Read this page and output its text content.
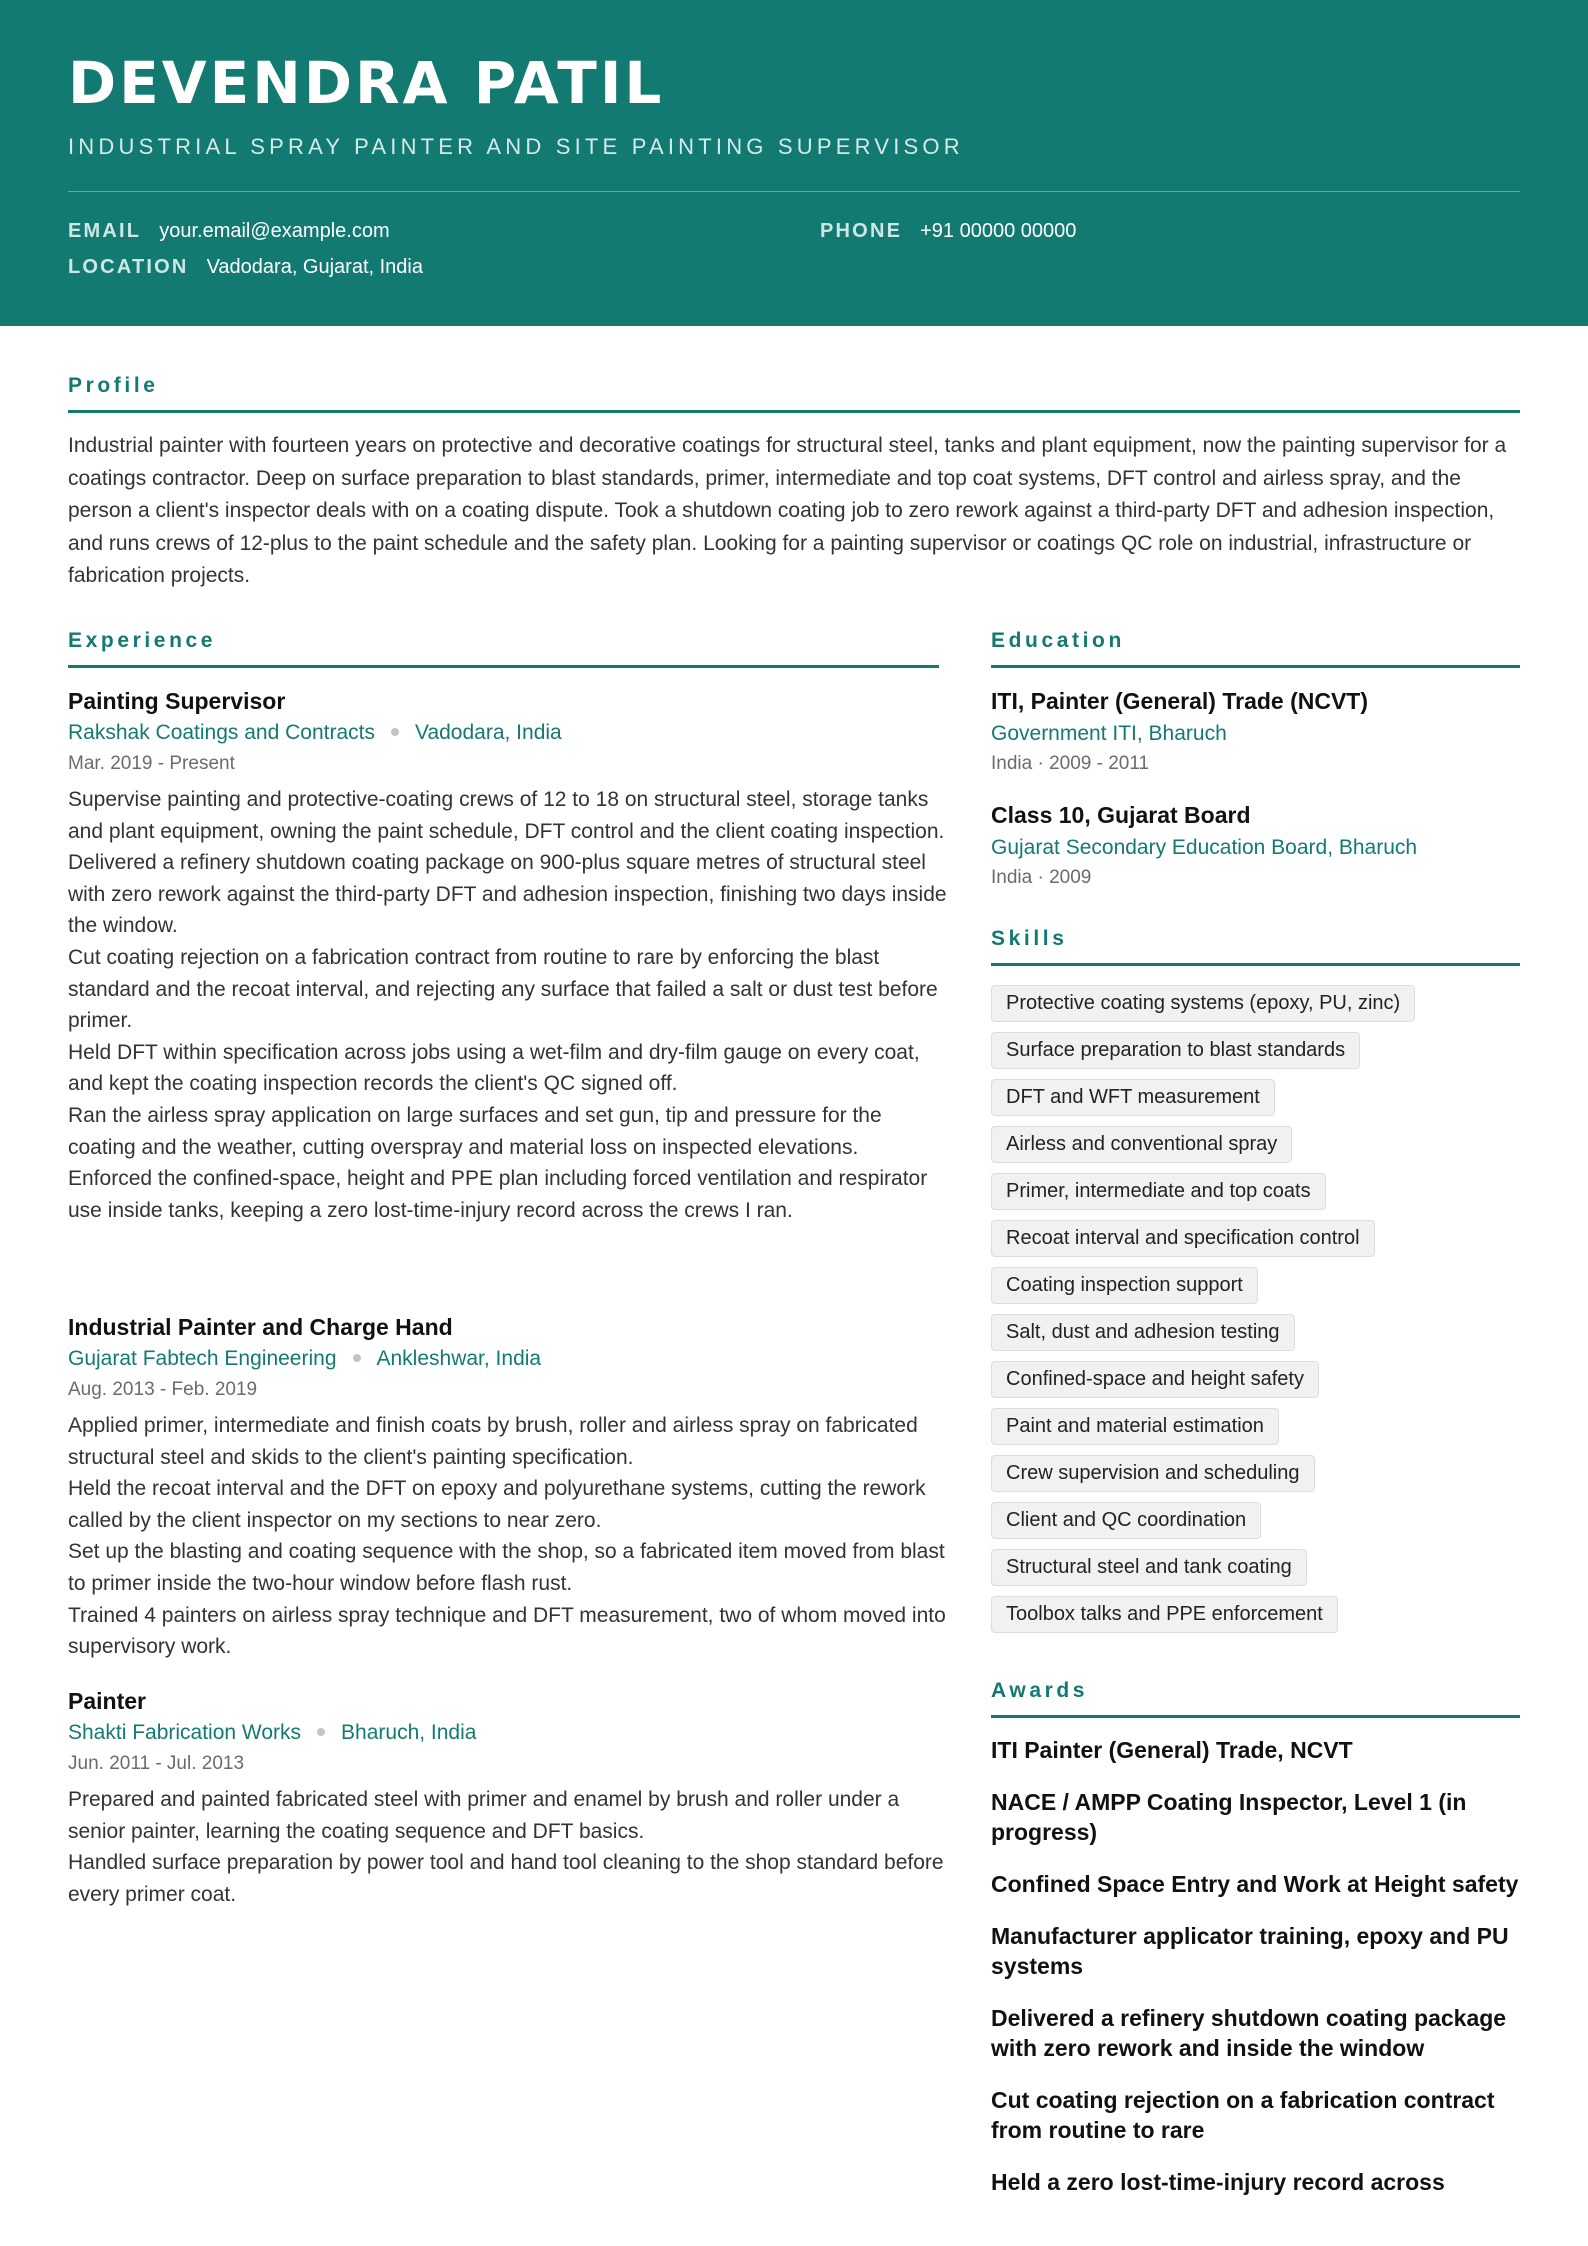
DEVENDRA PATIL
INDUSTRIAL SPRAY PAINTER AND SITE PAINTING SUPERVISOR
EMAIL your.email@example.com	PHONE +91 00000 00000
LOCATION Vadodara, Gujarat, India
Profile
Industrial painter with fourteen years on protective and decorative coatings for structural steel, tanks and plant equipment, now the painting supervisor for a coatings contractor. Deep on surface preparation to blast standards, primer, intermediate and top coat systems, DFT control and airless spray, and the person a client's inspector deals with on a coating dispute. Took a shutdown coating job to zero rework against a third-party DFT and adhesion inspection, and runs crews of 12-plus to the paint schedule and the safety plan. Looking for a painting supervisor or coatings QC role on industrial, infrastructure or fabrication projects.
Experience
Painting Supervisor
Rakshak Coatings and Contracts Vadodara, India
Mar. 2019 - Present
Supervise painting and protective-coating crews of 12 to 18 on structural steel, storage tanks and plant equipment, owning the paint schedule, DFT control and the client coating inspection.
Delivered a refinery shutdown coating package on 900-plus square metres of structural steel with zero rework against the third-party DFT and adhesion inspection, finishing two days inside the window.
Cut coating rejection on a fabrication contract from routine to rare by enforcing the blast standard and the recoat interval, and rejecting any surface that failed a salt or dust test before primer.
Held DFT within specification across jobs using a wet-film and dry-film gauge on every coat, and kept the coating inspection records the client's QC signed off.
Ran the airless spray application on large surfaces and set gun, tip and pressure for the coating and the weather, cutting overspray and material loss on inspected elevations.
Enforced the confined-space, height and PPE plan including forced ventilation and respirator use inside tanks, keeping a zero lost-time-injury record across the crews I ran.
Industrial Painter and Charge Hand
Gujarat Fabtech Engineering Ankleshwar, India
Aug. 2013 - Feb. 2019
Applied primer, intermediate and finish coats by brush, roller and airless spray on fabricated structural steel and skids to the client's painting specification.
Held the recoat interval and the DFT on epoxy and polyurethane systems, cutting the rework called by the client inspector on my sections to near zero.
Set up the blasting and coating sequence with the shop, so a fabricated item moved from blast to primer inside the two-hour window before flash rust.
Trained 4 painters on airless spray technique and DFT measurement, two of whom moved into supervisory work.
Painter
Shakti Fabrication Works Bharuch, India
Jun. 2011 - Jul. 2013
Prepared and painted fabricated steel with primer and enamel by brush and roller under a senior painter, learning the coating sequence and DFT basics.
Handled surface preparation by power tool and hand tool cleaning to the shop standard before every primer coat.
Education
ITI, Painter (General) Trade (NCVT)
Government ITI, Bharuch
India · 2009 - 2011
Class 10, Gujarat Board
Gujarat Secondary Education Board, Bharuch
India · 2009
Skills
Protective coating systems (epoxy, PU, zinc)
Surface preparation to blast standards
DFT and WFT measurement
Airless and conventional spray
Primer, intermediate and top coats
Recoat interval and specification control
Coating inspection support
Salt, dust and adhesion testing
Confined-space and height safety
Paint and material estimation
Crew supervision and scheduling
Client and QC coordination
Structural steel and tank coating
Toolbox talks and PPE enforcement
Awards
ITI Painter (General) Trade, NCVT
NACE / AMPP Coating Inspector, Level 1 (in progress)
Confined Space Entry and Work at Height safety
Manufacturer applicator training, epoxy and PU systems
Delivered a refinery shutdown coating package with zero rework and inside the window
Cut coating rejection on a fabrication contract from routine to rare
Held a zero lost-time-injury record across
